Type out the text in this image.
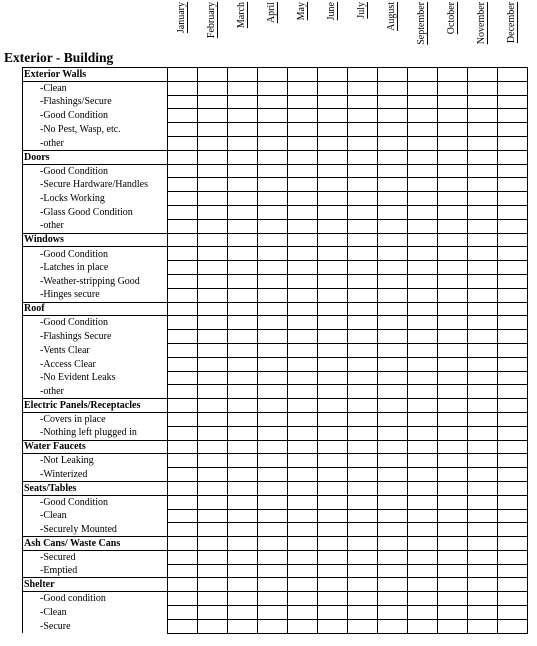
January February March April May June July August September October November December
Exterior - Building
Exterior Walls												
-Clean												
-Flashings/Secure												
-Good Condition												
-No Pest, Wasp, etc.												
-other												
Doors												
-Good Condition												
-Secure Hardware/Handles												
-Locks Working												
-Glass Good Condition												
-other												
Windows												
-Good Condition												
-Latches in place												
-Weather-stripping Good												
-Hinges secure												
Roof												
-Good Condition												
-Flashings Secure												
-Vents Clear												
-Access Clear												
-No Evident Leaks												
-other												
Electric Panels/Receptacles												
-Covers in place												
-Nothing left plugged in												
Water Faucets												
-Not Leaking												
-Winterized												
Seats/Tables												
-Good Condition												
-Clean												
-Securely Mounted												
Ash Cans/ Waste Cans												
-Secured												
-Emptied												
Shelter												
-Good condition												
-Clean												
-Secure												
